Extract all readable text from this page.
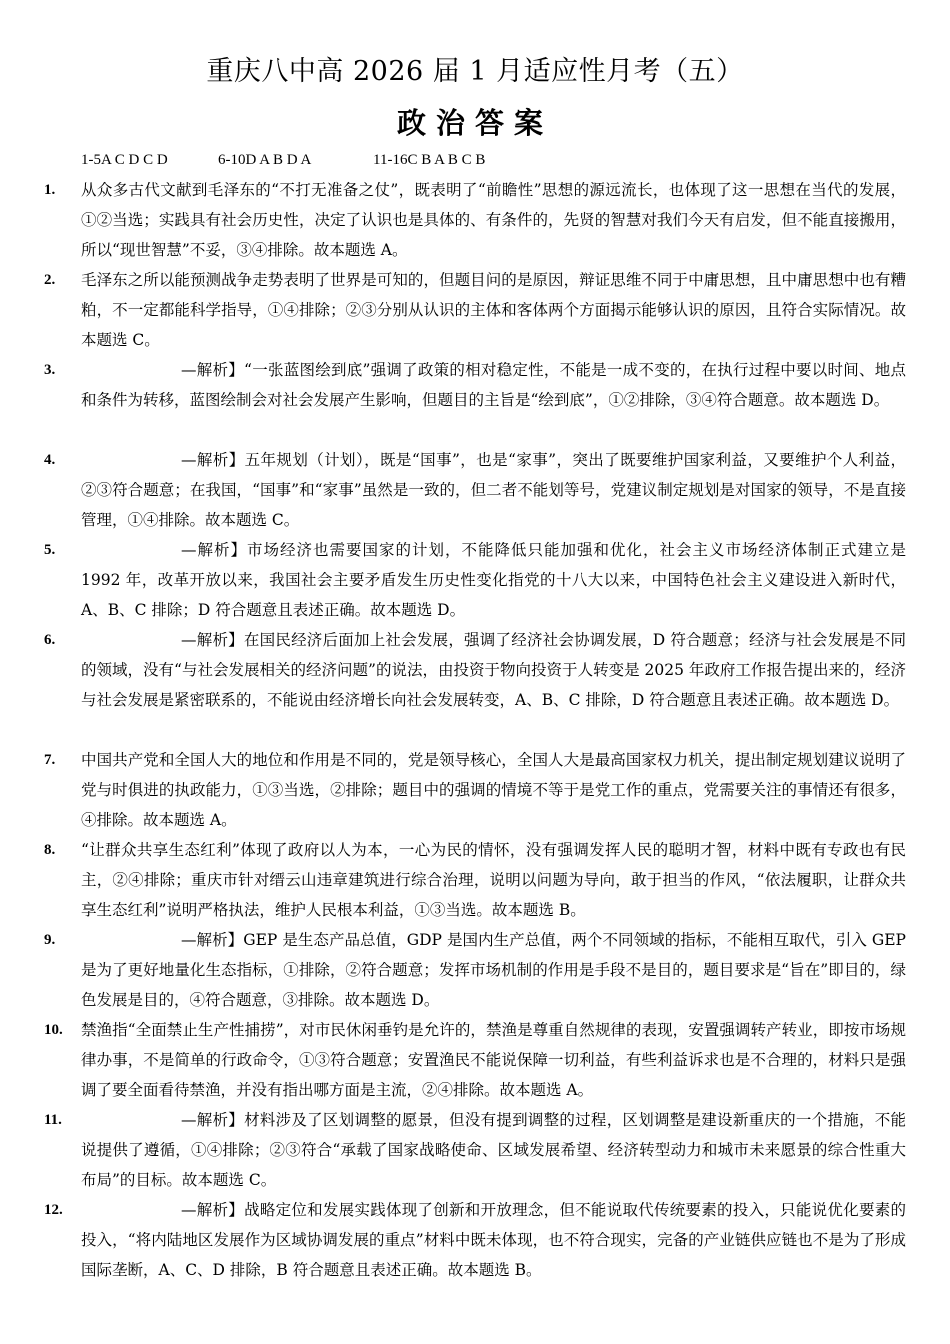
重庆八中高 2026 届 1 月适应性月考（五）
政治答案
1-5A C D C D	6-10D A B D A	11-16C B A B C B
1. 从众多古代文献到毛泽东的“不打无准备之仗”，既表明了“前瞻性”思想的源远流长，也体现了这一思想在当代的发展，①②当选；实践具有社会历史性，决定了认识也是具体的、有条件的，先贤的智慧对我们今天有启发，但不能直接搬用，所以“现世智慧”不妥，③④排除。故本题选 A。
2. 毛泽东之所以能预测战争走势表明了世界是可知的，但题目问的是原因，辩证思维不同于中庸思想，且中庸思想中也有糟粕，不一定都能科学指导，①④排除；②③分别从认识的主体和客体两个方面揭示能够认识的原因，且符合实际情况。故本题选 C。
3.	—解析】“一张蓝图绘到底”强调了政策的相对稳定性，不能是一成不变的，在执行过程中要以时间、地点和条件为转移，蓝图绘制会对社会发展产生影响，但题目的主旨是“绘到底”，①②排除，③④符合题意。故本题选 D。
4.	—解析】五年规划（计划），既是“国事”，也是“家事”，突出了既要维护国家利益，又要维护个人利益，②③符合题意；在我国，“国事”和“家事”虽然是一致的，但二者不能划等号，党建议制定规划是对国家的领导，不是直接管理，①④排除。故本题选 C。
5.	—解析】市场经济也需要国家的计划，不能降低只能加强和优化，社会主义市场经济体制正式建立是 1992 年，改革开放以来，我国社会主要矛盾发生历史性变化指党的十八大以来，中国特色社会主义建设进入新时代，A、B、C 排除；D 符合题意且表述正确。故本题选 D。
6.	—解析】在国民经济后面加上社会发展，强调了经济社会协调发展，D 符合题意；经济与社会发展是不同的领域，没有“与社会发展相关的经济问题”的说法，由投资于物向投资于人转变是 2025 年政府工作报告提出来的，经济与社会发展是紧密联系的，不能说由经济增长向社会发展转变，A、B、C 排除，D 符合题意且表述正确。故本题选 D。
7. 中国共产党和全国人大的地位和作用是不同的，党是领导核心，全国人大是最高国家权力机关，提出制定规划建议说明了党与时俱进的执政能力，①③当选，②排除；题目中的强调的情境不等于是党工作的重点，党需要关注的事情还有很多，④排除。故本题选 A。
8. “让群众共享生态红利”体现了政府以人为本，一心为民的情怀，没有强调发挥人民的聪明才智，材料中既有专政也有民主，②④排除；重庆市针对缙云山违章建筑进行综合治理，说明以问题为导向，敢于担当的作风，“依法履职，让群众共享生态红利”说明严格执法，维护人民根本利益，①③当选。故本题选 B。
9.	—解析】GEP 是生态产品总值，GDP 是国内生产总值，两个不同领域的指标，不能相互取代，引入 GEP 是为了更好地量化生态指标，①排除，②符合题意；发挥市场机制的作用是手段不是目的，题目要求是“旨在”即目的，绿色发展是目的，④符合题意，③排除。故本题选 D。
10. 禁渔指“全面禁止生产性捕捞”，对市民休闲垂钓是允许的，禁渔是尊重自然规律的表现，安置强调转产转业，即按市场规律办事，不是简单的行政命令，①③符合题意；安置渔民不能说保障一切利益，有些利益诉求也是不合理的，材料只是强调了要全面看待禁渔，并没有指出哪方面是主流，②④排除。故本题选 A。
11.	—解析】材料涉及了区划调整的愿景，但没有提到调整的过程，区划调整是建设新重庆的一个措施，不能说提供了遵循，①④排除；②③符合“承载了国家战略使命、区域发展希望、经济转型动力和城市未来愿景的综合性重大布局”的目标。故本题选 C。
12.	—解析】战略定位和发展实践体现了创新和开放理念，但不能说取代传统要素的投入，只能说优化要素的投入，“将内陆地区发展作为区域协调发展的重点”材料中既未体现，也不符合现实，完备的产业链供应链也不是为了形成国际垄断，A、C、D 排除，B 符合题意且表述正确。故本题选 B。
